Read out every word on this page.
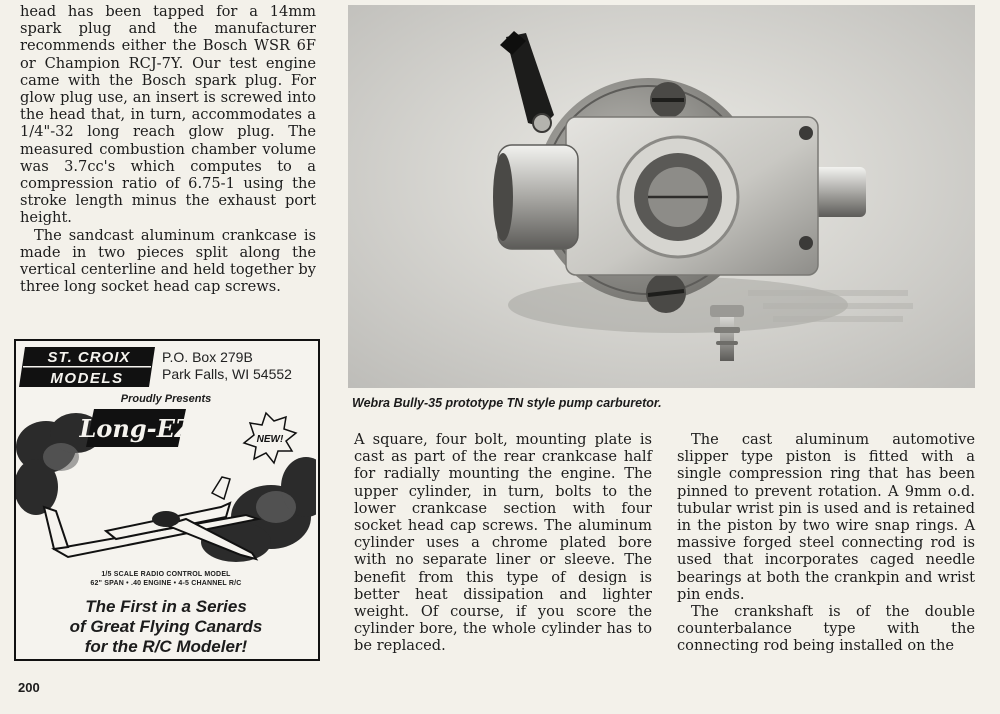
head has been tapped for a 14mm spark plug and the manufacturer recommends either the Bosch WSR 6F or Champion RCJ-7Y. Our test engine came with the Bosch spark plug. For glow plug use, an insert is screwed into the head that, in turn, accommodates a 1/4"-32 long reach glow plug. The measured combustion chamber volume was 3.7cc's which computes to a compression ratio of 6.75-1 using the stroke length minus the exhaust port height.

The sandcast aluminum crankcase is made in two pieces split along the vertical centerline and held together by three long socket head cap screws.

ST. CROIX
MODELS
P.O. Box 279B
Park Falls, WI 54552
Proudly Presents
Long-EZ	NEW!
1/5 SCALE RADIO CONTROL MODEL
62" SPAN • .40 ENGINE • 4-5 CHANNEL R/C
The First in a Series
of Great Flying Canards
for the R/C Modeler!
200
Webra Bully-35 prototype TN style pump carburetor.

A square, four bolt, mounting plate is cast as part of the rear crankcase half for radially mounting the engine. The upper cylinder, in turn, bolts to the lower crankcase section with four socket head cap screws. The aluminum cylinder uses a chrome plated bore with no separate liner or sleeve. The benefit from this type of design is better heat dissipation and lighter weight. Of course, if you score the cylinder bore, the whole cylinder has to be replaced.

The cast aluminum automotive slipper type piston is fitted with a single compression ring that has been pinned to prevent rotation. A 9mm o.d. tubular wrist pin is used and is retained in the piston by two wire snap rings. A massive forged steel connecting rod is used that incorporates caged needle bearings at both the crankpin and wrist pin ends.

The crankshaft is of the double counterbalance type with the connecting rod being installed on the
